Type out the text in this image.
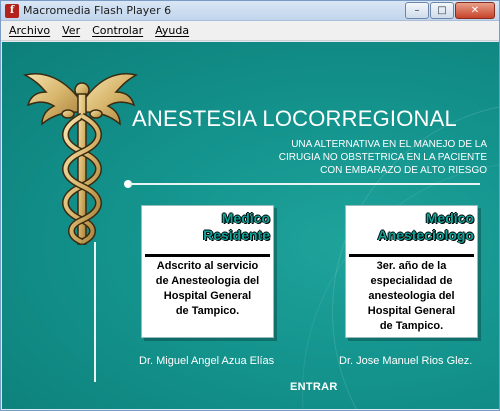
f Macromedia Flash Player 6	–	□	✕
Archivo Ver Controlar Ayuda
ANESTESIA LOCORREGIONAL
UNA ALTERNATIVA EN EL MANEJO DE LA
CIRUGIA NO OBSTETRICA EN LA PACIENTE
CON EMBARAZO DE ALTO RIESGO
Medico
Residente
Adscrito al servicio
de Anesteologia del
Hospital General
de Tampico.
Medico
Anesteciologo
3er. año de la
especialidad de
anesteologia del
Hospital General
de Tampico.
Dr. Miguel Angel Azua Elías	Dr. Jose Manuel Rios Glez.
ENTRAR
